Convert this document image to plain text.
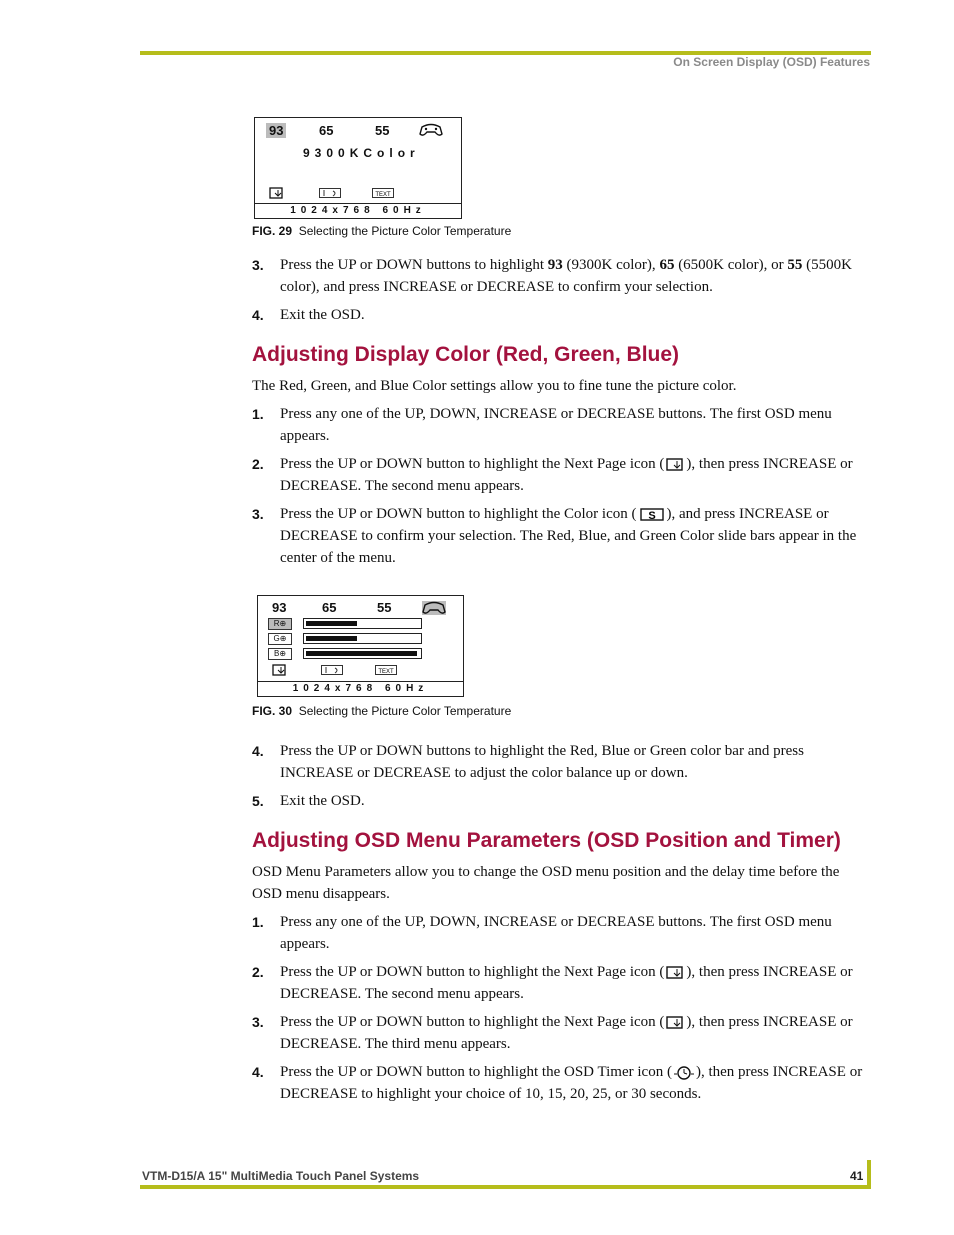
On Screen Display (OSD) Features
93	65	55
9300KColor
TEXT
1024x768 60Hz
FIG. 29 Selecting the Picture Color Temperature
3. Press the UP or DOWN buttons to highlight 93 (9300K color), 65 (6500K color), or 55 (5500K color), and press INCREASE or DECREASE to confirm your selection.
4. Exit the OSD.
Adjusting Display Color (Red, Green, Blue)
The Red, Green, and Blue Color settings allow you to fine tune the picture color.
1. Press any one of the UP, DOWN, INCREASE or DECREASE buttons. The first OSD menu appears.
2. Press the UP or DOWN button to highlight the Next Page icon ( ), then press INCREASE or DECREASE. The second menu appears.
3. Press the UP or DOWN button to highlight the Color icon ( S ), and press INCREASE or DECREASE to confirm your selection. The Red, Blue, and Green Color slide bars appear in the center of the menu.
93	65	55
R⊕
G⊕
B⊕
TEXT
1024x768 60Hz
FIG. 30 Selecting the Picture Color Temperature
4. Press the UP or DOWN buttons to highlight the Red, Blue or Green color bar and press INCREASE or DECREASE to adjust the color balance up or down.
5. Exit the OSD.
Adjusting OSD Menu Parameters (OSD Position and Timer)
OSD Menu Parameters allow you to change the OSD menu position and the delay time before the OSD menu disappears.
1. Press any one of the UP, DOWN, INCREASE or DECREASE buttons. The first OSD menu appears.
2. Press the UP or DOWN button to highlight the Next Page icon ( ), then press INCREASE or DECREASE. The second menu appears.
3. Press the UP or DOWN button to highlight the Next Page icon ( ), then press INCREASE or DECREASE. The third menu appears.
4. Press the UP or DOWN button to highlight the OSD Timer icon ( ), then press INCREASE or DECREASE to highlight your choice of 10, 15, 20, 25, or 30 seconds.
VTM-D15/A 15" MultiMedia Touch Panel Systems	41
